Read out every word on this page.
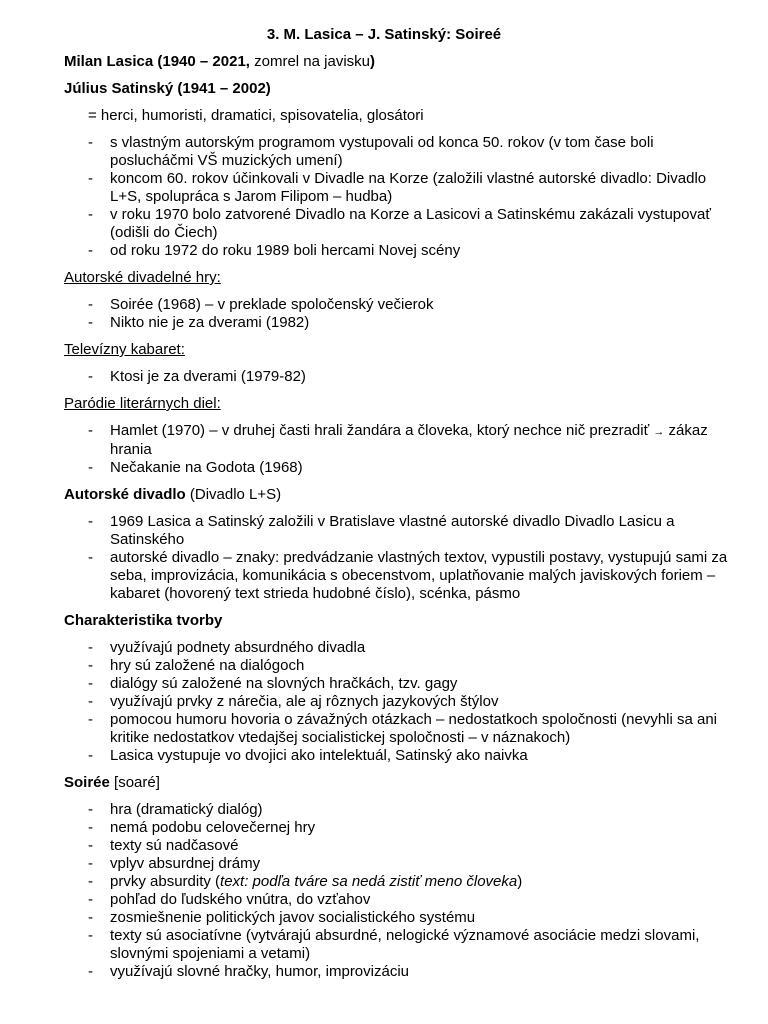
3. M. Lasica – J. Satinský: Soireé
Milan Lasica (1940 – 2021, zomrel na javisku)
Július Satinský (1941 – 2002)
= herci, humoristi, dramatici, spisovatelia, glosátori
- s vlastným autorským programom vystupovali od konca 50. rokov (v tom čase boli poslucháčmi VŠ muzických umení)
- koncom 60. rokov účinkovali v Divadle na Korze (založili vlastné autorské divadlo: Divadlo L+S, spolupráca s Jarom Filipom – hudba)
- v roku 1970 bolo zatvorené Divadlo na Korze a Lasicovi a Satinskému zakázali vystupovať (odišli do Čiech)
- od roku 1972 do roku 1989 boli hercami Novej scény
Autorské divadelné hry:
- Soirée (1968) – v preklade spoločenský večierok
- Nikto nie je za dverami (1982)
Televízny kabaret:
- Ktosi je za dverami (1979-82)
Paródie literárnych diel:
- Hamlet (1970) – v druhej časti hrali žandára a človeka, ktorý nechce nič prezradiť → zákaz hrania
- Nečakanie na Godota (1968)
Autorské divadlo (Divadlo L+S)
- 1969 Lasica a Satinský založili v Bratislave vlastné autorské divadlo Divadlo Lasicu a Satinského
- autorské divadlo – znaky: predvádzanie vlastných textov, vypustili postavy, vystupujú sami za seba, improvizácia, komunikácia s obecenstvom, uplatňovanie malých javiskových foriem – kabaret (hovorený text strieda hudobné číslo), scénka, pásmo
Charakteristika tvorby
- využívajú podnety absurdného divadla
- hry sú založené na dialógoch
- dialógy sú založené na slovných hračkách, tzv. gagy
- využívajú prvky z nárečia, ale aj rôznych jazykových štýlov
- pomocou humoru hovoria o závažných otázkach – nedostatkoch spoločnosti (nevyhli sa ani kritike nedostatkov vtedajšej socialistickej spoločnosti – v náznakoch)
- Lasica vystupuje vo dvojici ako intelektuál, Satinský ako naivka
Soirée [soaré]
- hra (dramatický dialóg)
- nemá podobu celovečernej hry
- texty sú nadčasové
- vplyv absurdnej drámy
- prvky absurdity (text: podľa tváre sa nedá zistiť meno človeka)
- pohľad do ľudského vnútra, do vzťahov
- zosmiešnenie politických javov socialistického systému
- texty sú asociatívne (vytvárajú absurdné, nelogické významové asociácie medzi slovami, slovnými spojeniami a vetami)
- využívajú slovné hračky, humor, improvizáciu
